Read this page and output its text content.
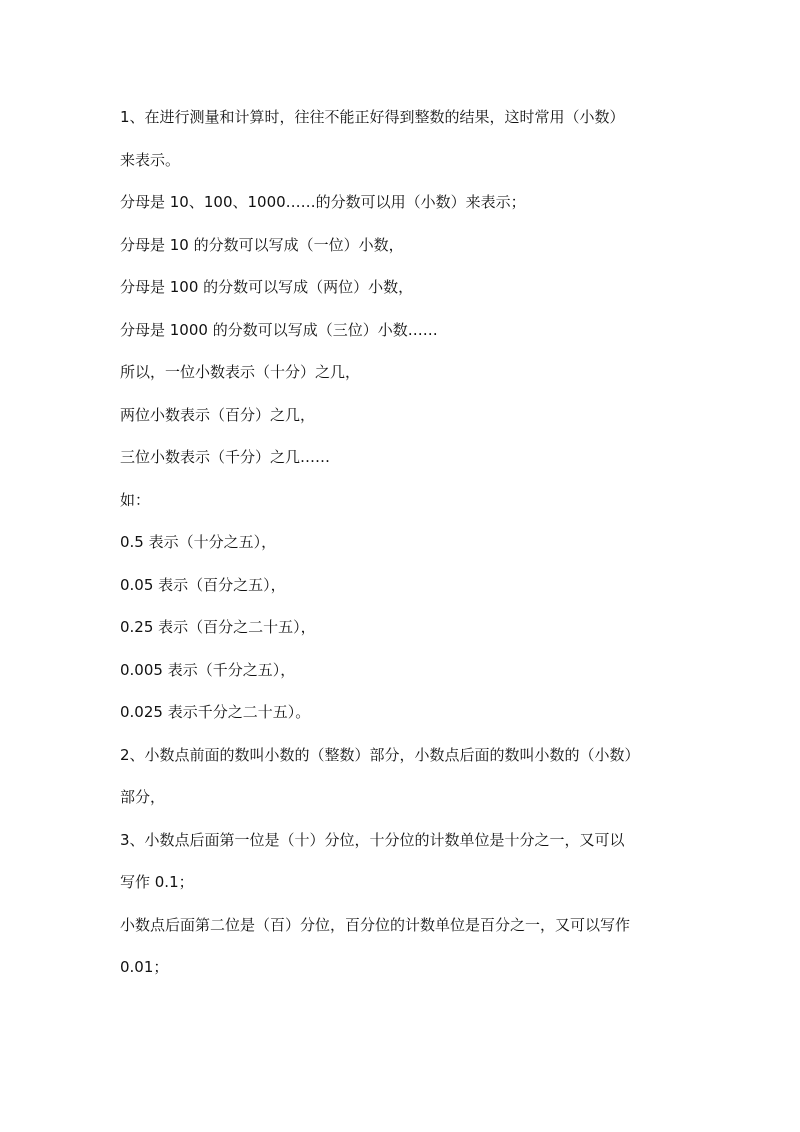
1、在进行测量和计算时，往往不能正好得到整数的结果，这时常用（小数）
来表示。
分母是 10、100、1000……的分数可以用（小数）来表示；
分母是 10 的分数可以写成（一位）小数，
分母是 100 的分数可以写成（两位）小数，
分母是 1000 的分数可以写成（三位）小数……
所以，一位小数表示（十分）之几，
两位小数表示（百分）之几，
三位小数表示（千分）之几……
如：
0.5 表示（十分之五），
0.05 表示（百分之五），
0.25 表示（百分之二十五），
0.005 表示（千分之五），
0.025 表示千分之二十五）。
2、小数点前面的数叫小数的（整数）部分，小数点后面的数叫小数的（小数）
部分，
3、小数点后面第一位是（十）分位，十分位的计数单位是十分之一，又可以
写作 0.1；
小数点后面第二位是（百）分位，百分位的计数单位是百分之一，又可以写作
0.01；
